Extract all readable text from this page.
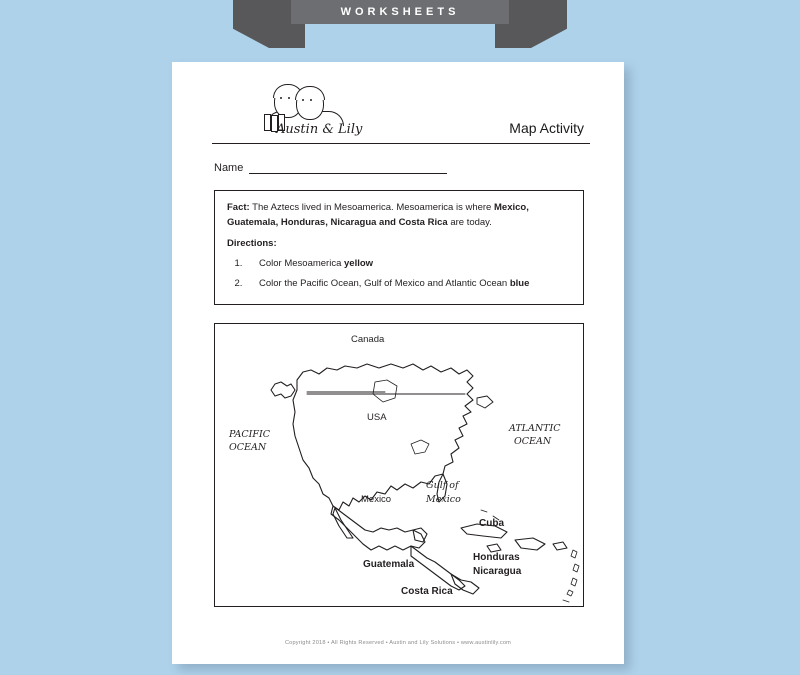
WORKSHEETS
Austin & Lily	Map Activity
Name
Fact: The Aztecs lived in Mesoamerica. Mesoamerica is where Mexico, Guatemala, Honduras, Nicaragua and Costa Rica are today.
Directions:
1. Color Mesoamerica yellow
2. Color the Pacific Ocean, Gulf of Mexico and Atlantic Ocean blue
Canada
USA
PACIFIC
OCEAN
ATLANTIC
OCEAN
Mexico
Gulf of
Mexico
Cuba
Guatemala
Honduras
Nicaragua
Costa Rica
Copyright 2018 • All Rights Reserved • Austin and Lily Solutions • www.austinlily.com
